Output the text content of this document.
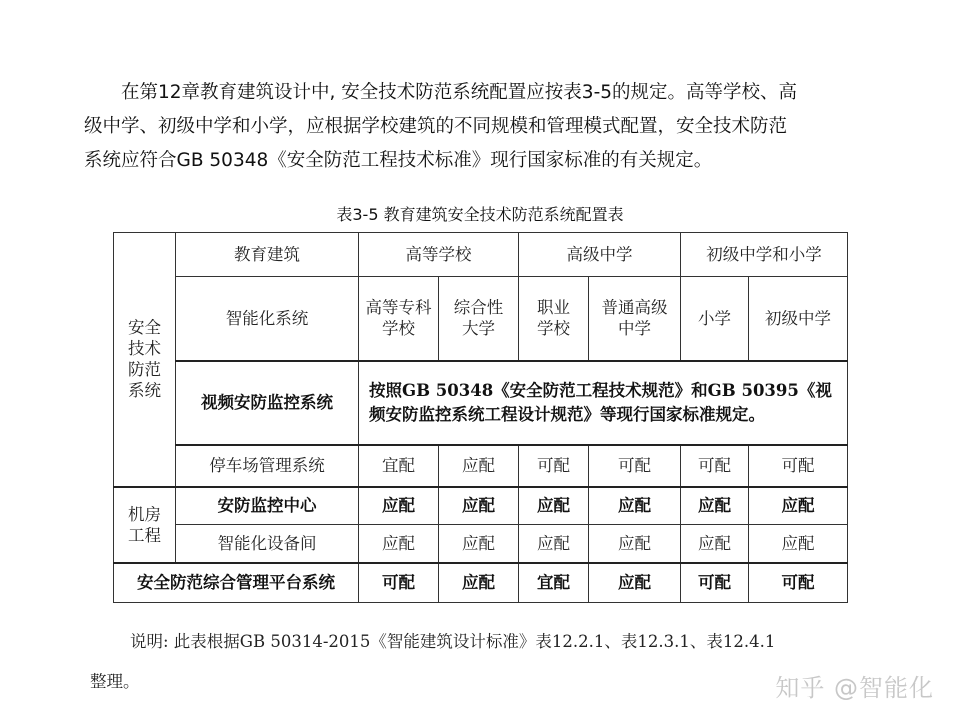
在第12章教育建筑设计中, 安全技术防范系统配置应按表3-5的规定。高等学校、高
级中学、初级中学和小学，应根据学校建筑的不同规模和管理模式配置，安全技术防范
系统应符合GB 50348《安全防范工程技术标准》现行国家标准的有关规定。
表3-5 教育建筑安全技术防范系统配置表
安全技术防范系统	教育建筑	高等学校		高级中学		初级中学和小学	
	智能化系统	高等专科学校	综合性大学	职业学校	普通高级中学	小学	初级中学
	视频安防监控系统	按照GB 50348《安全防范工程技术规范》和GB 50395《视频安防监控系统工程设计规范》等现行国家标准规定。					
	停车场管理系统	宜配	应配	可配	可配	可配	可配

机房工程	安防监控中心	应配	应配	应配	应配	应配	应配
	智能化设备间	应配	应配	应配	应配	应配	应配
安全防范综合管理平台系统		可配	应配	宜配	应配	可配	可配
说明: 此表根据GB 50314-2015《智能建筑设计标准》表12.2.1、表12.3.1、表12.4.1
整理。	知乎 @智能化
